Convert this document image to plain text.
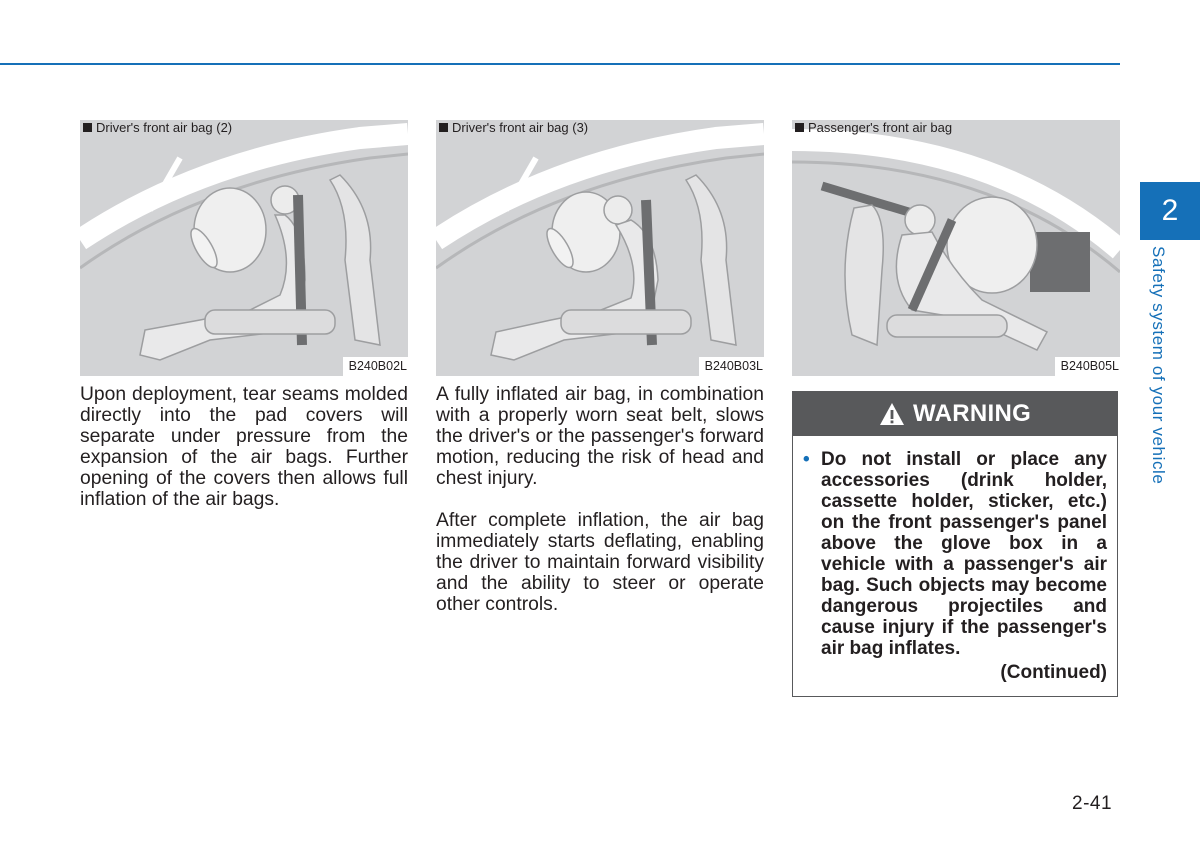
Driver's front air bag (2)
B240B02L
Driver's front air bag (3)
B240B03L
Passenger's front air bag
B240B05L

Upon deployment, tear seams molded directly into the pad covers will separate under pressure from the expansion of the air bags. Further opening of the covers then allows full inflation of the air bags.

A fully inflated air bag, in combination with a properly worn seat belt, slows the driver's or the passenger's forward motion, reducing the risk of head and chest injury.

After complete inflation, the air bag immediately starts deflating, enabling the driver to maintain forward visibility and the ability to steer or operate other controls.

WARNING
• Do not install or place any accessories (drink holder, cassette holder, sticker, etc.) on the front passenger's panel above the glove box in a vehicle with a passenger's air bag. Such objects may become dangerous projectiles and cause injury if the passenger's air bag inflates.
(Continued)
2
Safety system of your vehicle
2-41
